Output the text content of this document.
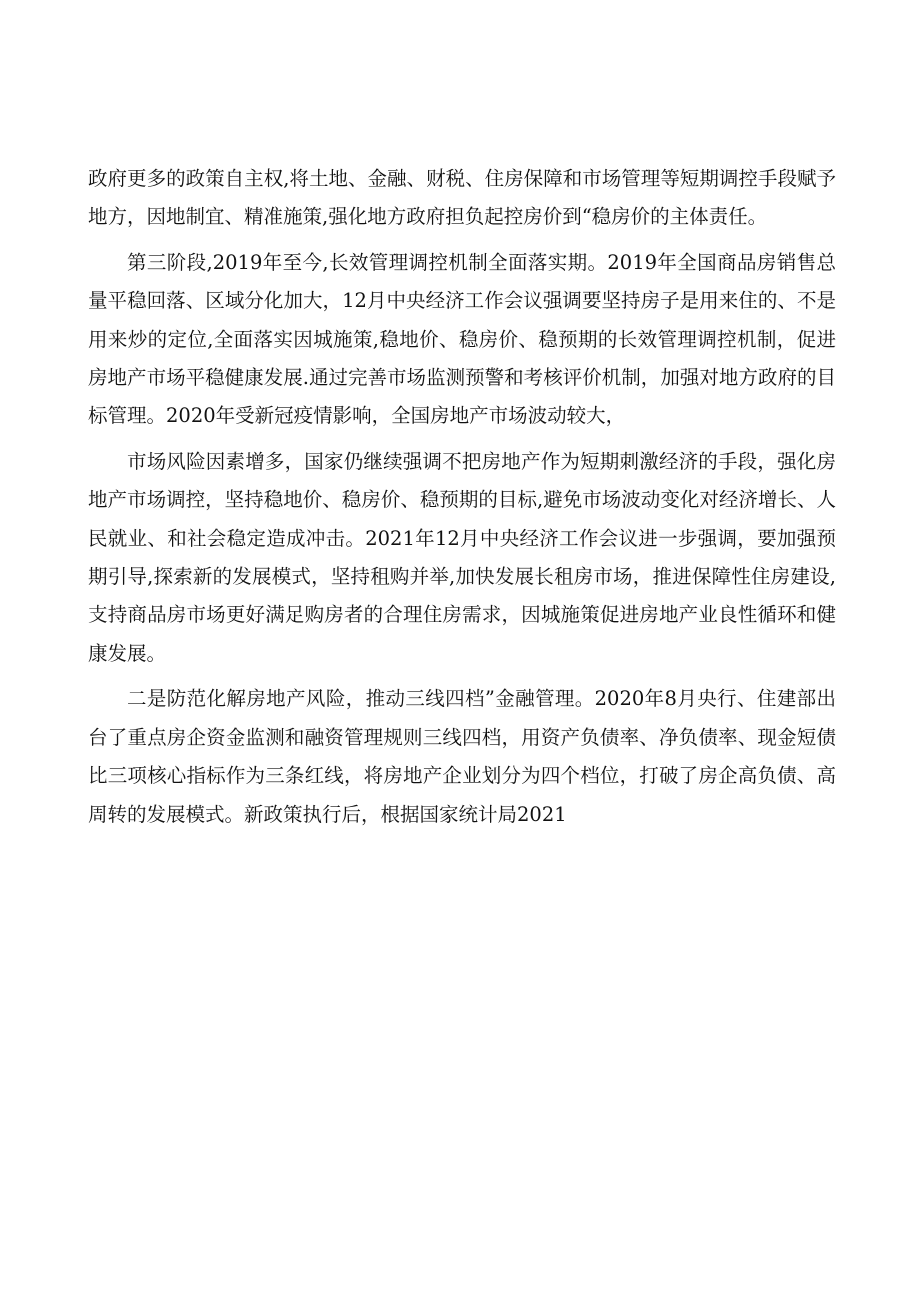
政府更多的政策自主权,将土地、金融、财税、住房保障和市场管理等短期调控手段赋予地方，因地制宜、精准施策,强化地方政府担负起控房价到“稳房价的主体责任。

第三阶段,2019年至今,长效管理调控机制全面落实期。2019年全国商品房销售总量平稳回落、区域分化加大，12月中央经济工作会议强调要坚持房子是用来住的、不是用来炒的定位,全面落实因城施策,稳地价、稳房价、稳预期的长效管理调控机制，促进房地产市场平稳健康发展.通过完善市场监测预警和考核评价机制，加强对地方政府的目标管理。2020年受新冠疫情影响，全国房地产市场波动较大，

市场风险因素增多，国家仍继续强调不把房地产作为短期刺激经济的手段，强化房地产市场调控，坚持稳地价、稳房价、稳预期的目标,避免市场波动变化对经济增长、人民就业、和社会稳定造成冲击。2021年12月中央经济工作会议进一步强调，要加强预期引导,探索新的发展模式，坚持租购并举,加快发展长租房市场，推进保障性住房建设,支持商品房市场更好满足购房者的合理住房需求，因城施策促进房地产业良性循环和健康发展。

二是防范化解房地产风险，推动三线四档”金融管理。2020年8月央行、住建部出台了重点房企资金监测和融资管理规则三线四档，用资产负债率、净负债率、现金短债比三项核心指标作为三条红线，将房地产企业划分为四个档位，打破了房企高负债、高周转的发展模式。新政策执行后，根据国家统计局2021
